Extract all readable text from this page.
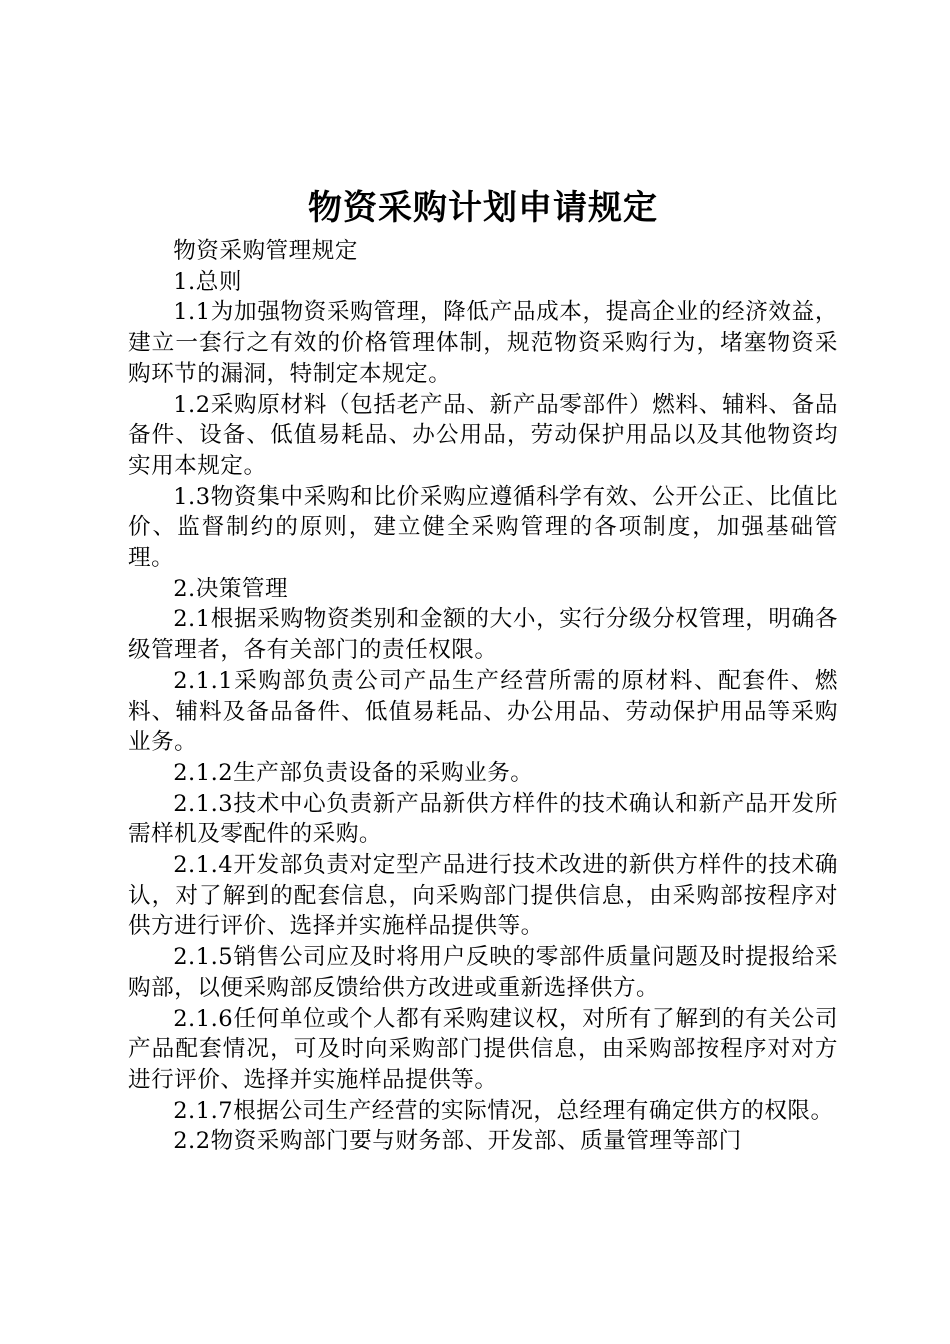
物资采购计划申请规定

物资采购管理规定

1.总则

1.1为加强物资采购管理，降低产品成本，提高企业的经济效益，建立一套行之有效的价格管理体制，规范物资采购行为，堵塞物资采购环节的漏洞，特制定本规定。

1.2采购原材料（包括老产品、新产品零部件）燃料、辅料、备品备件、设备、低值易耗品、办公用品，劳动保护用品以及其他物资均实用本规定。

1.3物资集中采购和比价采购应遵循科学有效、公开公正、比值比价、监督制约的原则，建立健全采购管理的各项制度，加强基础管理。

2.决策管理

2.1根据采购物资类别和金额的大小，实行分级分权管理，明确各级管理者，各有关部门的责任权限。

2.1.1采购部负责公司产品生产经营所需的原材料、配套件、燃料、辅料及备品备件、低值易耗品、办公用品、劳动保护用品等采购业务。

2.1.2生产部负责设备的采购业务。

2.1.3技术中心负责新产品新供方样件的技术确认和新产品开发所需样机及零配件的采购。

2.1.4开发部负责对定型产品进行技术改进的新供方样件的技术确认，对了解到的配套信息，向采购部门提供信息，由采购部按程序对供方进行评价、选择并实施样品提供等。

2.1.5销售公司应及时将用户反映的零部件质量问题及时提报给采购部，以便采购部反馈给供方改进或重新选择供方。

2.1.6任何单位或个人都有采购建议权，对所有了解到的有关公司产品配套情况，可及时向采购部门提供信息，由采购部按程序对对方进行评价、选择并实施样品提供等。

2.1.7根据公司生产经营的实际情况，总经理有确定供方的权限。

2.2物资采购部门要与财务部、开发部、质量管理等部门
